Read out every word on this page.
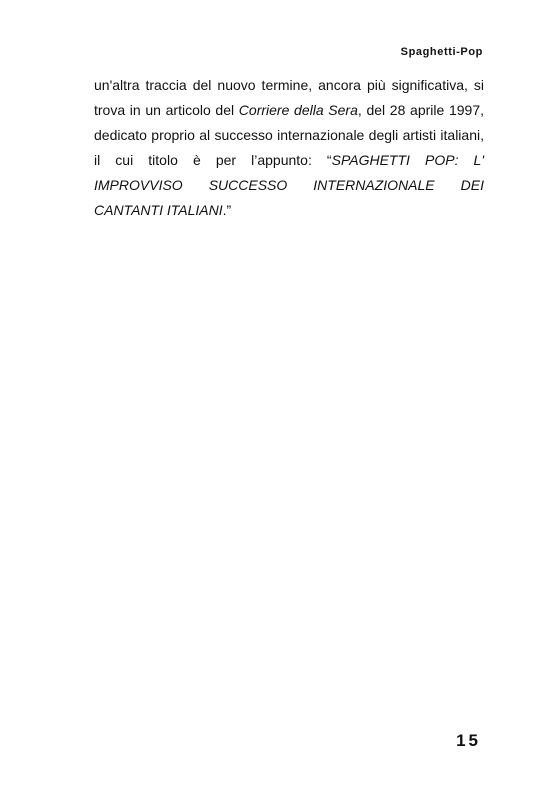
Spaghetti-Pop

un'altra traccia del nuovo termine, ancora più significativa, si trova in un articolo del Corriere della Sera, del 28 aprile 1997, dedicato proprio al successo internazionale degli artisti italiani, il cui titolo è per l’appunto: “SPAGHETTI POP: L' IMPROVVISO SUCCESSO INTERNAZIONALE DEI CANTANTI ITALIANI.”

15
